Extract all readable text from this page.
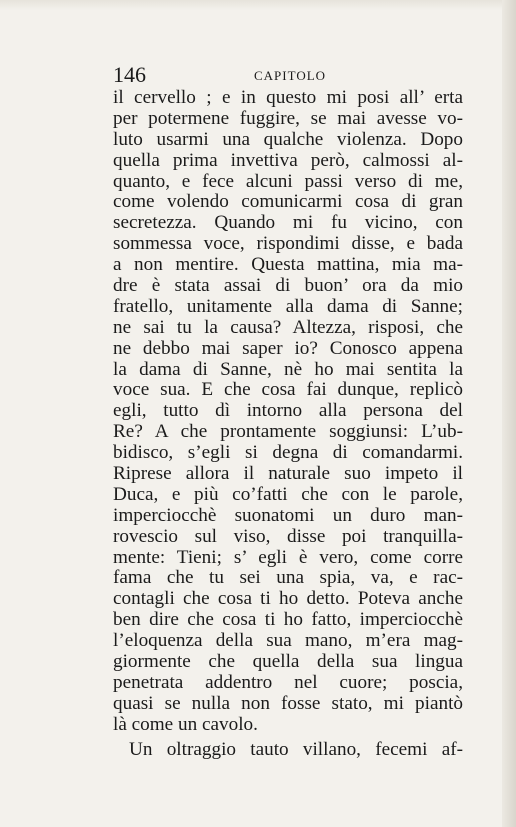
146	CAPITOLO
il cervello ; e in questo mi posi all’ erta
per potermene fuggire, se mai avesse vo-
luto usarmi una qualche violenza. Dopo
quella prima invettiva però, calmossi al-
quanto, e fece alcuni passi verso di me,
come volendo comunicarmi cosa di gran
secretezza. Quando mi fu vicino, con
sommessa voce, rispondimi disse, e bada
a non mentire. Questa mattina, mia ma-
dre è stata assai di buon’ ora da mio
fratello, unitamente alla dama di Sanne;
ne sai tu la causa? Altezza, risposi, che
ne debbo mai saper io? Conosco appena
la dama di Sanne, nè ho mai sentita la
voce sua. E che cosa fai dunque, replicò
egli, tutto dì intorno alla persona del
Re? A che prontamente soggiunsi: L’ub-
bidisco, s’egli si degna di comandarmi.
Riprese allora il naturale suo impeto il
Duca, e più co’fatti che con le parole,
imperciocchè suonatomi un duro man-
rovescio sul viso, disse poi tranquilla-
mente: Tieni; s’ egli è vero, come corre
fama che tu sei una spia, va, e rac-
contagli che cosa ti ho detto. Poteva anche
ben dire che cosa ti ho fatto, imperciocchè
l’eloquenza della sua mano, m’era mag-
giormente che quella della sua lingua
penetrata addentro nel cuore; poscia,
quasi se nulla non fosse stato, mi piantò
là come un cavolo.
Un oltraggio tauto villano, fecemi af-
